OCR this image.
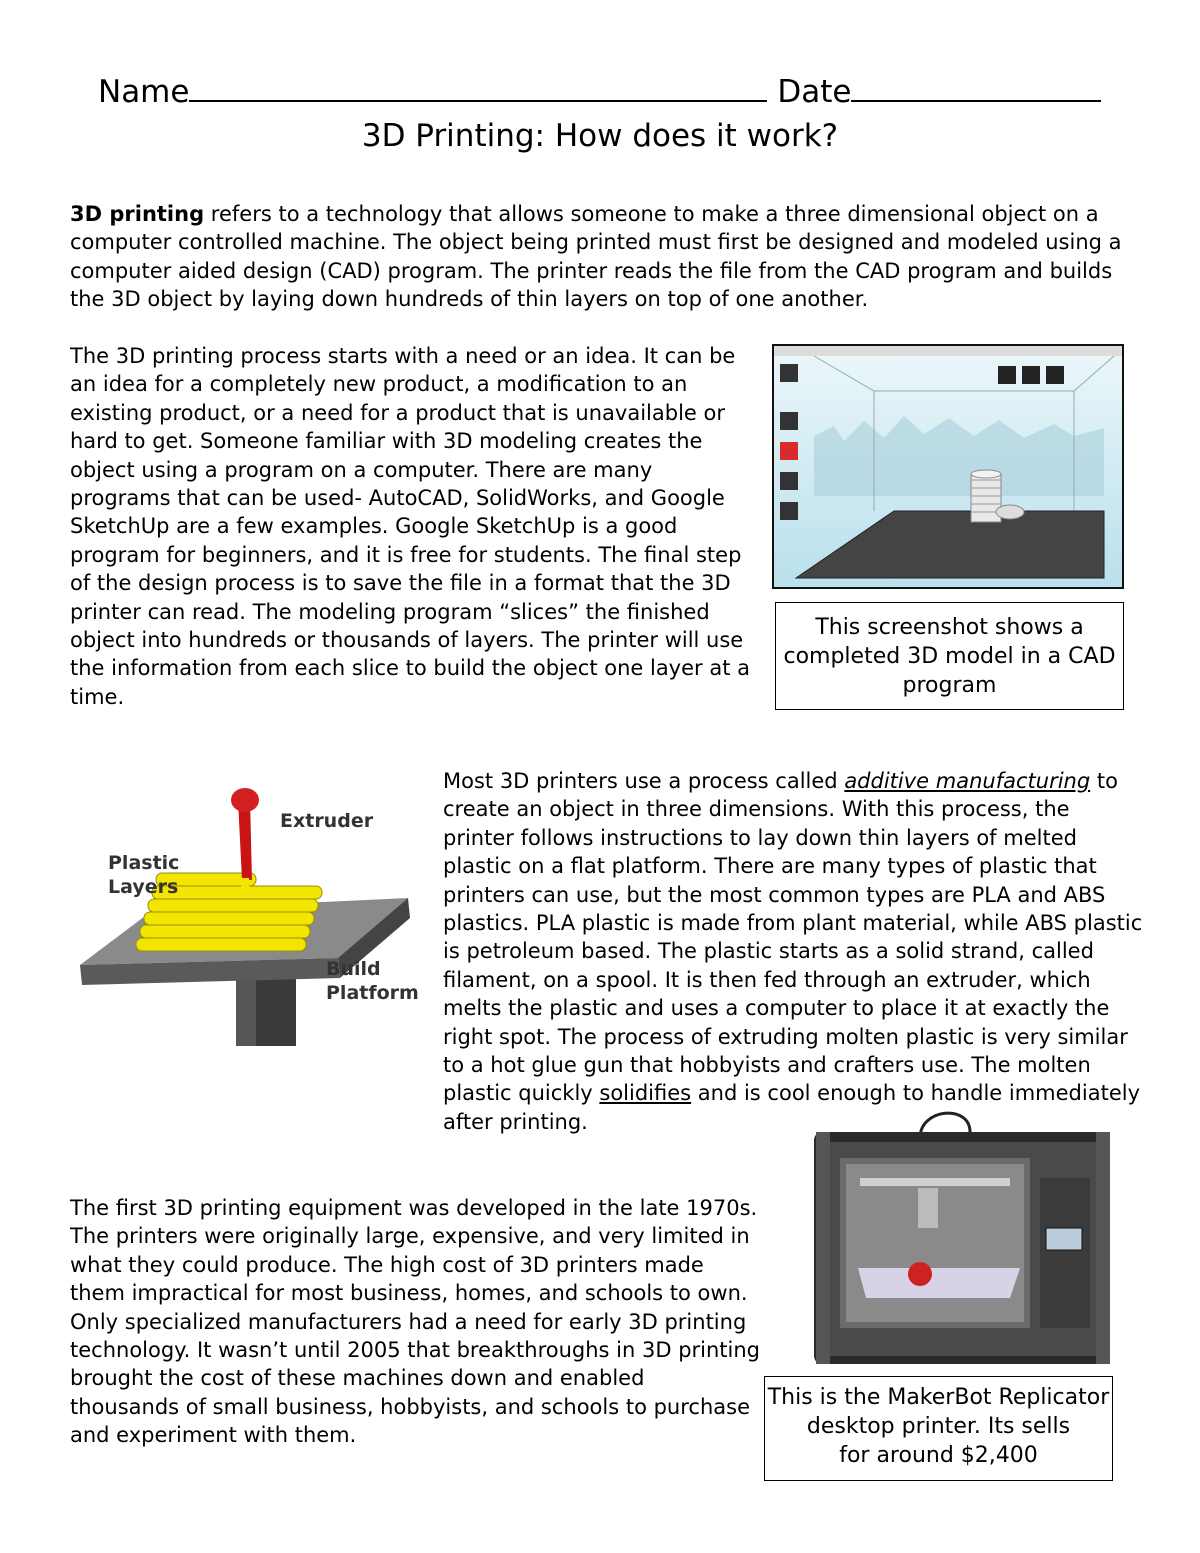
Name	Date
3D Printing: How does it work?
3D printing refers to a technology that allows someone to make a three dimensional object on a computer controlled machine. The object being printed must first be designed and modeled using a computer aided design (CAD) program. The printer reads the file from the CAD program and builds the 3D object by laying down hundreds of thin layers on top of one another.
The 3D printing process starts with a need or an idea. It can be an idea for a completely new product, a modification to an existing product, or a need for a product that is unavailable or hard to get. Someone familiar with 3D modeling creates the object using a program on a computer. There are many programs that can be used- AutoCAD, SolidWorks, and Google SketchUp are a few examples. Google SketchUp is a good program for beginners, and it is free for students. The final step of the design process is to save the file in a format that the 3D printer can read. The modeling program “slices” the finished object into hundreds or thousands of layers. The printer will use the information from each slice to build the object one layer at a time.
This screenshot shows a completed 3D model in a CAD program
Extruder
Plastic
Layers
Build
Platform
Most 3D printers use a process called additive manufacturing to create an object in three dimensions. With this process, the printer follows instructions to lay down thin layers of melted plastic on a flat platform. There are many types of plastic that printers can use, but the most common types are PLA and ABS plastics. PLA plastic is made from plant material, while ABS plastic is petroleum based. The plastic starts as a solid strand, called filament, on a spool. It is then fed through an extruder, which melts the plastic and uses a computer to place it at exactly the right spot. The process of extruding molten plastic is very similar to a hot glue gun that hobbyists and crafters use. The molten plastic quickly solidifies and is cool enough to handle immediately after printing.
The first 3D printing equipment was developed in the late 1970s. The printers were originally large, expensive, and very limited in what they could produce. The high cost of 3D printers made them impractical for most business, homes, and schools to own. Only specialized manufacturers had a need for early 3D printing technology. It wasn’t until 2005 that breakthroughs in 3D printing brought the cost of these machines down and enabled thousands of small business, hobbyists, and schools to purchase and experiment with them.
This is the MakerBot Replicator
desktop printer. Its sells
for around $2,400
